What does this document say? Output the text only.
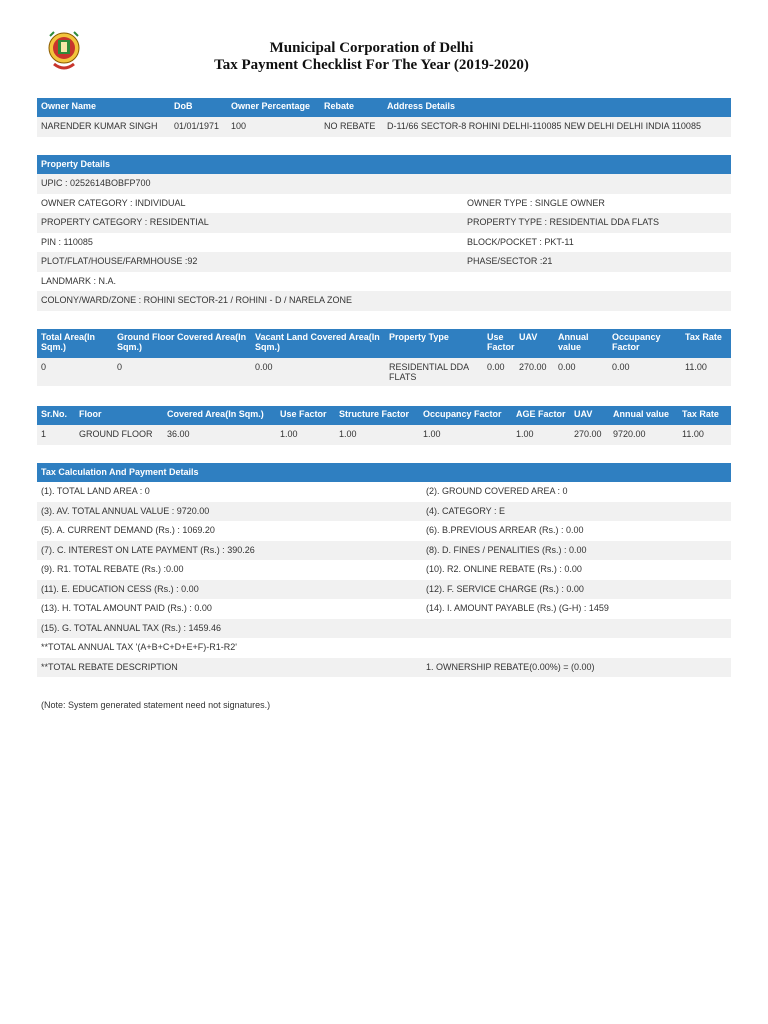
Municipal Corporation of Delhi
Tax Payment Checklist For The Year (2019-2020)
Owner Name	DoB	Owner Percentage	Rebate	Address Details
NARENDER KUMAR SINGH	01/01/1971	100	NO REBATE	D-11/66 SECTOR-8 ROHINI DELHI-110085 NEW DELHI DELHI INDIA 110085
Property Details
UPIC : 0252614BOBFP700
OWNER CATEGORY : INDIVIDUAL	OWNER TYPE : SINGLE OWNER
PROPERTY CATEGORY : RESIDENTIAL	PROPERTY TYPE : RESIDENTIAL DDA FLATS
PIN : 110085	BLOCK/POCKET : PKT-11
PLOT/FLAT/HOUSE/FARMHOUSE :92	PHASE/SECTOR :21
LANDMARK : N.A.
COLONY/WARD/ZONE : ROHINI SECTOR-21 / ROHINI - D / NARELA ZONE
Total Area(In Sqm.)	Ground Floor Covered Area(In Sqm.)	Vacant Land Covered Area(In Sqm.)	Property Type	Use Factor	UAV	Annual value	Occupancy Factor	Tax Rate
0	0	0.00	RESIDENTIAL DDA FLATS	0.00	270.00	0.00	0.00	11.00
Sr.No.	Floor	Covered Area(In Sqm.)	Use Factor	Structure Factor	Occupancy Factor	AGE Factor	UAV	Annual value	Tax Rate
1	GROUND FLOOR	36.00	1.00	1.00	1.00	1.00	270.00	9720.00	11.00
Tax Calculation And Payment Details
(1). TOTAL LAND AREA : 0	(2). GROUND COVERED AREA : 0
(3). AV. TOTAL ANNUAL VALUE : 9720.00	(4). CATEGORY : E
(5). A. CURRENT DEMAND (Rs.) : 1069.20	(6). B.PREVIOUS ARREAR (Rs.) : 0.00
(7). C. INTEREST ON LATE PAYMENT (Rs.) : 390.26	(8). D. FINES / PENALITIES (Rs.) : 0.00
(9). R1. TOTAL REBATE (Rs.) :0.00	(10). R2. ONLINE REBATE (Rs.) : 0.00
(11). E. EDUCATION CESS (Rs.) : 0.00	(12). F. SERVICE CHARGE (Rs.) : 0.00
(13). H. TOTAL AMOUNT PAID (Rs.) : 0.00	(14). I. AMOUNT PAYABLE (Rs.) (G-H) : 1459
(15). G. TOTAL ANNUAL TAX (Rs.) : 1459.46
**TOTAL ANNUAL TAX '(A+B+C+D+E+F)-R1-R2'
**TOTAL REBATE DESCRIPTION	1. OWNERSHIP REBATE(0.00%) = (0.00)
(Note: System generated statement need not signatures.)
